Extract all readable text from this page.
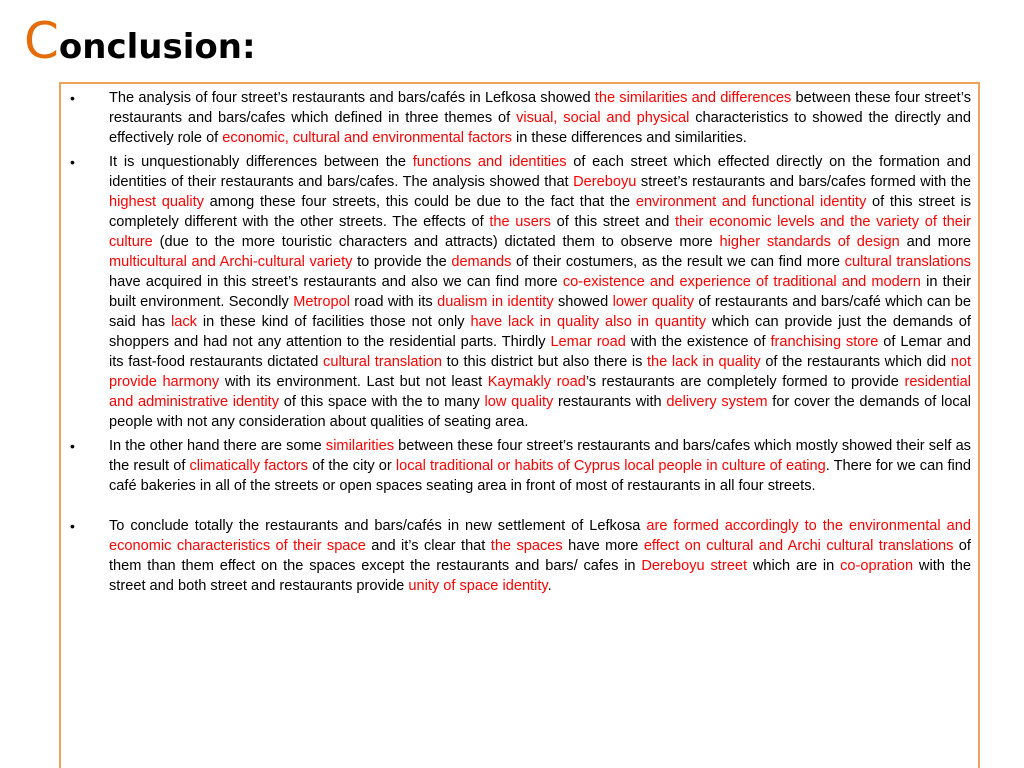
Conclusion:
• The analysis of four street’s restaurants and bars/cafés in Lefkosa showed the similarities and differences between these four street’s restaurants and bars/cafes which defined in three themes of visual, social and physical characteristics to showed the directly and effectively role of economic, cultural and environmental factors in these differences and similarities.
• It is unquestionably differences between the functions and identities of each street which effected directly on the formation and identities of their restaurants and bars/cafes. The analysis showed that Dereboyu street’s restaurants and bars/cafes formed with the highest quality among these four streets, this could be due to the fact that the environment and functional identity of this street is completely different with the other streets. The effects of the users of this street and their economic levels and the variety of their culture (due to the more touristic characters and attracts) dictated them to observe more higher standards of design and more multicultural and Archi-cultural variety to provide the demands of their costumers, as the result we can find more cultural translations have acquired in this street’s restaurants and also we can find more co-existence and experience of traditional and modern in their built environment. Secondly Metropol road with its dualism in identity showed lower quality of restaurants and bars/café which can be said has lack in these kind of facilities those not only have lack in quality also in quantity which can provide just the demands of shoppers and had not any attention to the residential parts. Thirdly Lemar road with the existence of franchising store of Lemar and its fast-food restaurants dictated cultural translation to this district but also there is the lack in quality of the restaurants which did not provide harmony with its environment. Last but not least Kaymakly road’s restaurants are completely formed to provide residential and administrative identity of this space with the to many low quality restaurants with delivery system for cover the demands of local people with not any consideration about qualities of seating area.
• In the other hand there are some similarities between these four street’s restaurants and bars/cafes which mostly showed their self as the result of climatically factors of the city or local traditional or habits of Cyprus local people in culture of eating. There for we can find café bakeries in all of the streets or open spaces seating area in front of most of restaurants in all four streets.
• To conclude totally the restaurants and bars/cafés in new settlement of Lefkosa are formed accordingly to the environmental and economic characteristics of their space and it’s clear that the spaces have more effect on cultural and Archi cultural translations of them than them effect on the spaces except the restaurants and bars/ cafes in Dereboyu street which are in co-opration with the street and both street and restaurants provide unity of space identity.
